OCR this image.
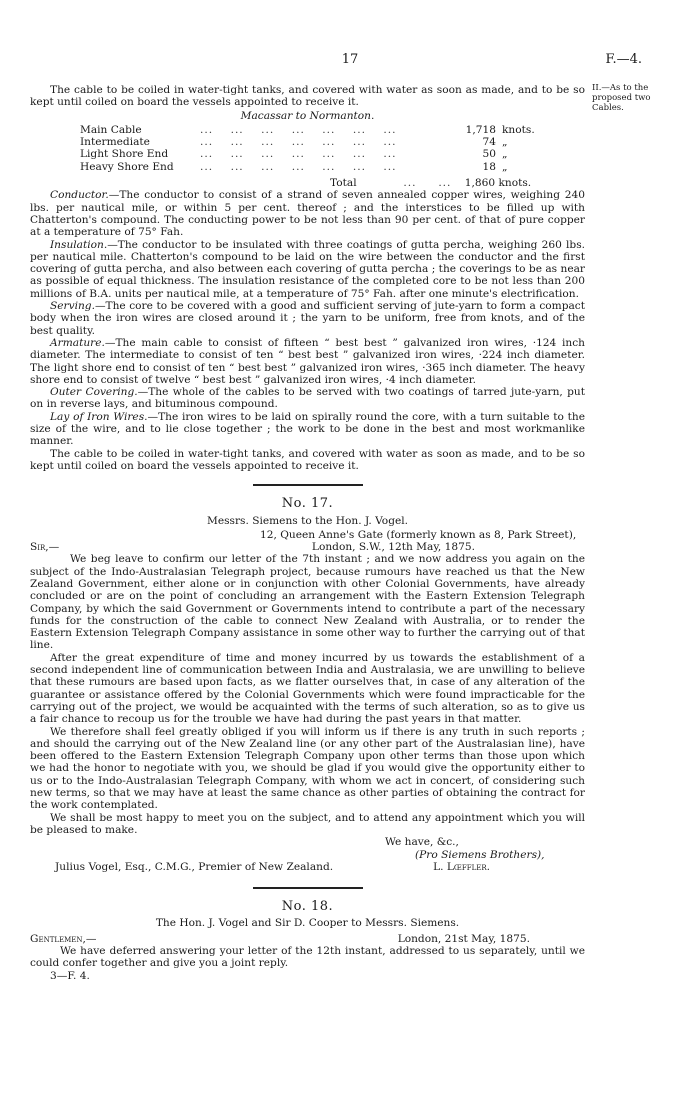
17	F.—4.
II.—As to the proposed two Cables.

The cable to be coiled in water-tight tanks, and covered with water as soon as made, and to be so kept until coiled on board the vessels appointed to receive it.

Macassar to Normanton.
Main Cable	...    ...    ...    ...    ...    ...    ...	1,718	knots.
Intermediate	...    ...    ...    ...    ...    ...    ...	74	„
Light Shore End	...    ...    ...    ...    ...    ...    ...	50	„
Heavy Shore End	...    ...    ...    ...    ...    ...    ...	18	„
Total	...     ... 1,860 knots.

Conductor.—The conductor to consist of a strand of seven annealed copper wires, weighing 240 lbs. per nautical mile, or within 5 per cent. thereof ; and the interstices to be filled up with Chatterton's compound. The conducting power to be not less than 90 per cent. of that of pure copper at a temperature of 75° Fah.

Insulation.—The conductor to be insulated with three coatings of gutta percha, weighing 260 lbs. per nautical mile. Chatterton's compound to be laid on the wire between the conductor and the first covering of gutta percha, and also between each covering of gutta percha ; the coverings to be as near as possible of equal thickness. The insulation resistance of the completed core to be not less than 200 millions of B.A. units per nautical mile, at a temperature of 75° Fah. after one minute's electrification.

Serving.—The core to be covered with a good and sufficient serving of jute-yarn to form a compact body when the iron wires are closed around it ; the yarn to be uniform, free from knots, and of the best quality.

Armature.—The main cable to consist of fifteen “ best best ” galvanized iron wires, ·124 inch diameter. The intermediate to consist of ten “ best best ” galvanized iron wires, ·224 inch diameter. The light shore end to consist of ten “ best best ” galvanized iron wires, ·365 inch diameter. The heavy shore end to consist of twelve “ best best ” galvanized iron wires, ·4 inch diameter.

Outer Covering.—The whole of the cables to be served with two coatings of tarred jute-yarn, put on in reverse lays, and bituminous compound.

Lay of Iron Wires.—The iron wires to be laid on spirally round the core, with a turn suitable to the size of the wire, and to lie close together ; the work to be done in the best and most workmanlike manner.

The cable to be coiled in water-tight tanks, and covered with water as soon as made, and to be so kept until coiled on board the vessels appointed to receive it.

No. 17.
Messrs. Siemens to the Hon. J. Vogel.
12, Queen Anne's Gate (formerly known as 8, Park Street),
Sir,—	London, S.W., 12th May, 1875.

We beg leave to confirm our letter of the 7th instant ; and we now address you again on the subject of the Indo-Australasian Telegraph project, because rumours have reached us that the New Zealand Government, either alone or in conjunction with other Colonial Governments, have already concluded or are on the point of concluding an arrangement with the Eastern Extension Telegraph Company, by which the said Government or Governments intend to contribute a part of the necessary funds for the construction of the cable to connect New Zealand with Australia, or to render the Eastern Extension Telegraph Company assistance in some other way to further the carrying out of that line.

After the great expenditure of time and money incurred by us towards the establishment of a second independent line of communication between India and Australasia, we are unwilling to believe that these rumours are based upon facts, as we flatter ourselves that, in case of any alteration of the guarantee or assistance offered by the Colonial Governments which were found impracticable for the carrying out of the project, we would be acquainted with the terms of such alteration, so as to give us a fair chance to recoup us for the trouble we have had during the past years in that matter.

We therefore shall feel greatly obliged if you will inform us if there is any truth in such reports ; and should the carrying out of the New Zealand line (or any other part of the Australasian line), have been offered to the Eastern Extension Telegraph Company upon other terms than those upon which we had the honor to negotiate with you, we should be glad if you would give the opportunity either to us or to the Indo-Australasian Telegraph Company, with whom we act in concert, of considering such new terms, so that we may have at least the same chance as other parties of obtaining the contract for the work contemplated.

We shall be most happy to meet you on the subject, and to attend any appointment which you will be pleased to make.

We have, &c.,
(Pro Siemens Brothers),
Julius Vogel, Esq., C.M.G., Premier of New Zealand.	L. Lœffler.
No. 18.
The Hon. J. Vogel and Sir D. Cooper to Messrs. Siemens.
Gentlemen,—	London, 21st May, 1875.

We have deferred answering your letter of the 12th instant, addressed to us separately, until we could confer together and give you a joint reply.

3—F. 4.
